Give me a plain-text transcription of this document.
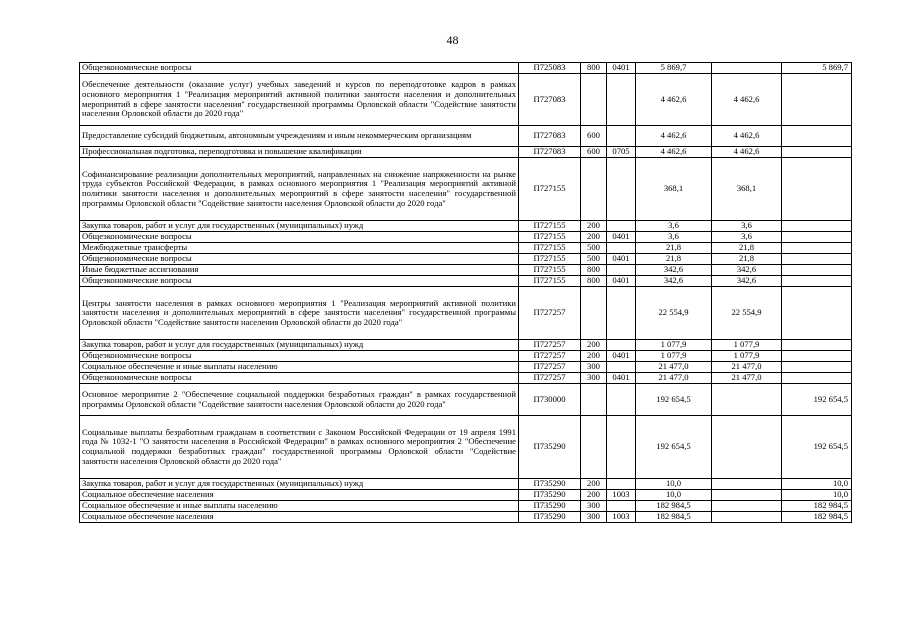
48
Общеэкономические вопросы	П725083	800	0401	5 869,7		5 869,7
Обеспечение деятельности (оказание услуг) учебных заведений и курсов по переподготовке кадров в рамках основного мероприятия 1 "Реализация мероприятий активной политики занятости населения и дополнительных мероприятий в сфере занятости населения" государственной программы Орловской области "Содействие занятости населения Орловской области до 2020 года"	П727083			4 462,6	4 462,6	
Предоставление субсидий бюджетным, автономным учреждениям и иным некоммерческим организациям	П727083	600		4 462,6	4 462,6	
Профессиональная подготовка, переподготовка и повышение квалификации	П727083	600	0705	4 462,6	4 462,6	
Софинансирование реализации дополнительных мероприятий, направленных на снижение напряженности на рынке труда субъектов Российской Федерации, в рамках основного мероприятия 1 "Реализация мероприятий активной политики занятости населения и дополнительных мероприятий в сфере занятости населения" государственной программы Орловской области "Содействие занятости населения Орловской области до 2020 года"	П727155			368,1	368,1	
Закупка товаров, работ и услуг для государственных (муниципальных) нужд	П727155	200		3,6	3,6	
Общеэкономические вопросы	П727155	200	0401	3,6	3,6	
Межбюджетные трансферты	П727155	500		21,8	21,8	
Общеэкономические вопросы	П727155	500	0401	21,8	21,8	
Иные бюджетные ассигнования	П727155	800		342,6	342,6	
Общеэкономические вопросы	П727155	800	0401	342,6	342,6	
Центры занятости населения в рамках основного мероприятия 1 "Реализация мероприятий активной политики занятости населения и дополнительных мероприятий в сфере занятости населения" государственной программы Орловской области "Содействие занятости населения Орловской области до 2020 года"	П727257			22 554,9	22 554,9	
Закупка товаров, работ и услуг для государственных (муниципальных) нужд	П727257	200		1 077,9	1 077,9	
Общеэкономические вопросы	П727257	200	0401	1 077,9	1 077,9	
Социальное обеспечение и иные выплаты населению	П727257	300		21 477,0	21 477,0	
Общеэкономические вопросы	П727257	300	0401	21 477,0	21 477,0	
Основное мероприятие 2 "Обеспечение социальной поддержки безработных граждан" в рамках государственной программы Орловской области "Содействие занятости населения Орловской области до 2020 года"	П730000			192 654,5		192 654,5
Социальные выплаты безработным гражданам в соответствии с Законом Российской Федерации от 19 апреля 1991 года № 1032-1 "О занятости населения в Российской Федерации" в рамках основного мероприятия 2 "Обеспечение социальной поддержки безработных граждан" государственной программы Орловской области "Содействие занятости населения Орловской области до 2020 года"	П735290			192 654,5		192 654,5
Закупка товаров, работ и услуг для государственных (муниципальных) нужд	П735290	200		10,0		10,0
Социальное обеспечение населения	П735290	200	1003	10,0		10,0
Социальное обеспечение и иные выплаты населению	П735290	300		182 984,5		182 984,5
Социальное обеспечение населения	П735290	300	1003	182 984,5		182 984,5
